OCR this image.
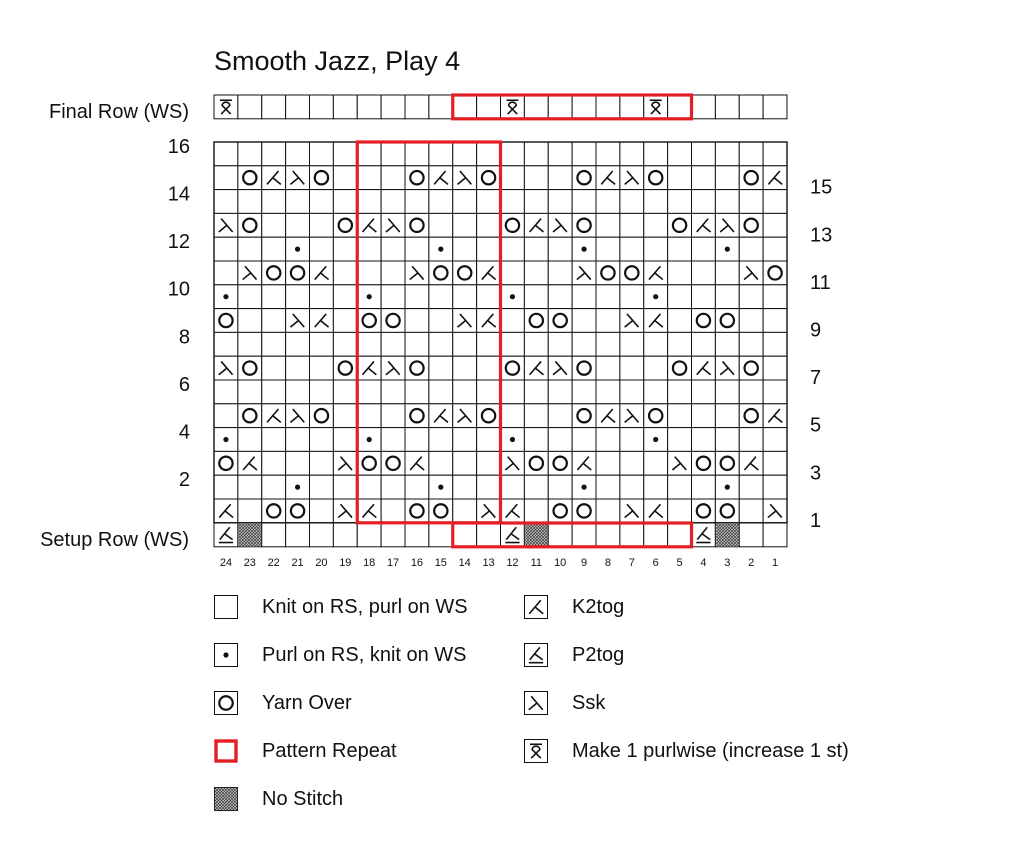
Smooth Jazz, Play 4
Final Row (WS)
Setup Row (WS)
24 23 22 21 20 19 18 17 16 15 14 13 12 11 10 9 8 7 6 5 4 3 2 1
16
14
12
10
8
6
4
2
15
13
11
9
7
5
3
1
Knit on RS, purl on WS
Purl on RS, knit on WS
Yarn Over
Pattern Repeat
No Stitch
K2tog
P2tog
Ssk
Make 1 purlwise (increase 1 st)
